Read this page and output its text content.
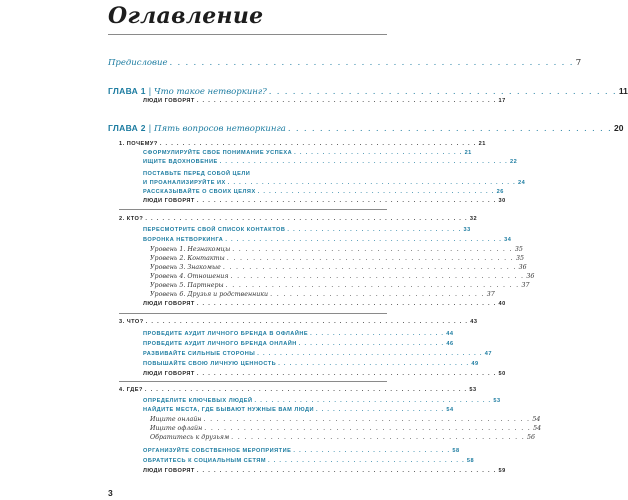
Оглавление
Предисловие . . . . . . . . . . . . . . . . . . . . . . . . . . . . . . . . . . . . . . . . . . . . . . . . . . . 7
ГЛАВА 1 | Что такое нетворкинг? . . . . . . . . . . . . . . . . . . . . . . . . . . . . . . . . . . . . . . . . . . . . 11
ЛЮДИ ГОВОРЯТ . . . . . . . . . . . . . . . . . . . . . . . . . . . . . . . . . . . . . . . . . . . . . . . . . . . . . 17
ГЛАВА 2 | Пять вопросов нетворкинга . . . . . . . . . . . . . . . . . . . . . . . . . . . . . . . . . . . . . . . . . 20
1. ПОЧЕМУ? . . . . . . . . . . . . . . . . . . . . . . . . . . . . . . . . . . . . . . . . . . . . . . . . . . . . . . . . 21
СФОРМУЛИРУЙТЕ СВОЕ ПОНИМАНИЕ УСПЕХА . . . . . . . . . . . . . . . . . . . . . . . . . . . . . . 21
ИЩИТЕ ВДОХНОВЕНИЕ . . . . . . . . . . . . . . . . . . . . . . . . . . . . . . . . . . . . . . . . . . . . . . . . . . . 22
ПОСТАВЬТЕ ПЕРЕД СОБОЙ ЦЕЛИ
И ПРОАНАЛИЗИРУЙТЕ ИХ . . . . . . . . . . . . . . . . . . . . . . . . . . . . . . . . . . . . . . . . . . . . . . . . . . . 24
РАССКАЗЫВАЙТЕ О СВОИХ ЦЕЛЯХ . . . . . . . . . . . . . . . . . . . . . . . . . . . . . . . . . . . . . . . . . . 26
ЛЮДИ ГОВОРЯТ . . . . . . . . . . . . . . . . . . . . . . . . . . . . . . . . . . . . . . . . . . . . . . . . . . . . . 30
2. КТО? . . . . . . . . . . . . . . . . . . . . . . . . . . . . . . . . . . . . . . . . . . . . . . . . . . . . . . . . . 32
ПЕРЕСМОТРИТЕ СВОЙ СПИСОК КОНТАКТОВ . . . . . . . . . . . . . . . . . . . . . . . . . . . . . . . 33
ВОРОНКА НЕТВОРКИНГА . . . . . . . . . . . . . . . . . . . . . . . . . . . . . . . . . . . . . . . . . . . . . . . . . 34
Уровень 1. Незнакомцы . . . . . . . . . . . . . . . . . . . . . . . . . . . . . . . . . . . . . . . . . . . 35
Уровень 2. Контакты . . . . . . . . . . . . . . . . . . . . . . . . . . . . . . . . . . . . . . . . . . . . 35
Уровень 3. Знакомые . . . . . . . . . . . . . . . . . . . . . . . . . . . . . . . . . . . . . . . . . . . . . 36
Уровень 4. Отношения . . . . . . . . . . . . . . . . . . . . . . . . . . . . . . . . . . . . . . . . . . . . . 36
Уровень 5. Партнеры . . . . . . . . . . . . . . . . . . . . . . . . . . . . . . . . . . . . . . . . . . . . . 37
Уровень 6. Друзья и родственники . . . . . . . . . . . . . . . . . . . . . . . . . . . . . . . . . 37
ЛЮДИ ГОВОРЯТ . . . . . . . . . . . . . . . . . . . . . . . . . . . . . . . . . . . . . . . . . . . . . . . . . . . . . 40
3. ЧТО? . . . . . . . . . . . . . . . . . . . . . . . . . . . . . . . . . . . . . . . . . . . . . . . . . . . . . . . . . 43
ПРОВЕДИТЕ АУДИТ ЛИЧНОГО БРЕНДА В ОФЛАЙНЕ . . . . . . . . . . . . . . . . . . . . . . . . 44
ПРОВЕДИТЕ АУДИТ ЛИЧНОГО БРЕНДА ОНЛАЙН . . . . . . . . . . . . . . . . . . . . . . . . . . 46
РАЗВИВАЙТЕ СИЛЬНЫЕ СТОРОНЫ . . . . . . . . . . . . . . . . . . . . . . . . . . . . . . . . . . . . . . . . 47
ПОВЫШАЙТЕ СВОЮ ЛИЧНУЮ ЦЕННОСТЬ . . . . . . . . . . . . . . . . . . . . . . . . . . . . . . . . . . 49
ЛЮДИ ГОВОРЯТ . . . . . . . . . . . . . . . . . . . . . . . . . . . . . . . . . . . . . . . . . . . . . . . . . . . . . 50
4. ГДЕ? . . . . . . . . . . . . . . . . . . . . . . . . . . . . . . . . . . . . . . . . . . . . . . . . . . . . . . . . . 53
ОПРЕДЕЛИТЕ КЛЮЧЕВЫХ ЛЮДЕЙ . . . . . . . . . . . . . . . . . . . . . . . . . . . . . . . . . . . . . . . . . . 53
НАЙДИТЕ МЕСТА, ГДЕ БЫВАЮТ НУЖНЫЕ ВАМ ЛЮДИ . . . . . . . . . . . . . . . . . . . . . . . 54
Ищите онлайн . . . . . . . . . . . . . . . . . . . . . . . . . . . . . . . . . . . . . . . . . . . . . . . . . . 54
Ищите офлайн . . . . . . . . . . . . . . . . . . . . . . . . . . . . . . . . . . . . . . . . . . . . . . . . . . 54
Обратитесь к друзьям . . . . . . . . . . . . . . . . . . . . . . . . . . . . . . . . . . . . . . . . . . . . . 56
ОРГАНИЗУЙТЕ СОБСТВЕННОЕ МЕРОПРИЯТИЕ . . . . . . . . . . . . . . . . . . . . . . . . . . . . 58
ОБРАТИТЕСЬ К СОЦИАЛЬНЫМ СЕТЯМ . . . . . . . . . . . . . . . . . . . . . . . . . . . . . . . . . . . 58
ЛЮДИ ГОВОРЯТ . . . . . . . . . . . . . . . . . . . . . . . . . . . . . . . . . . . . . . . . . . . . . . . . . . . . . 59
3
